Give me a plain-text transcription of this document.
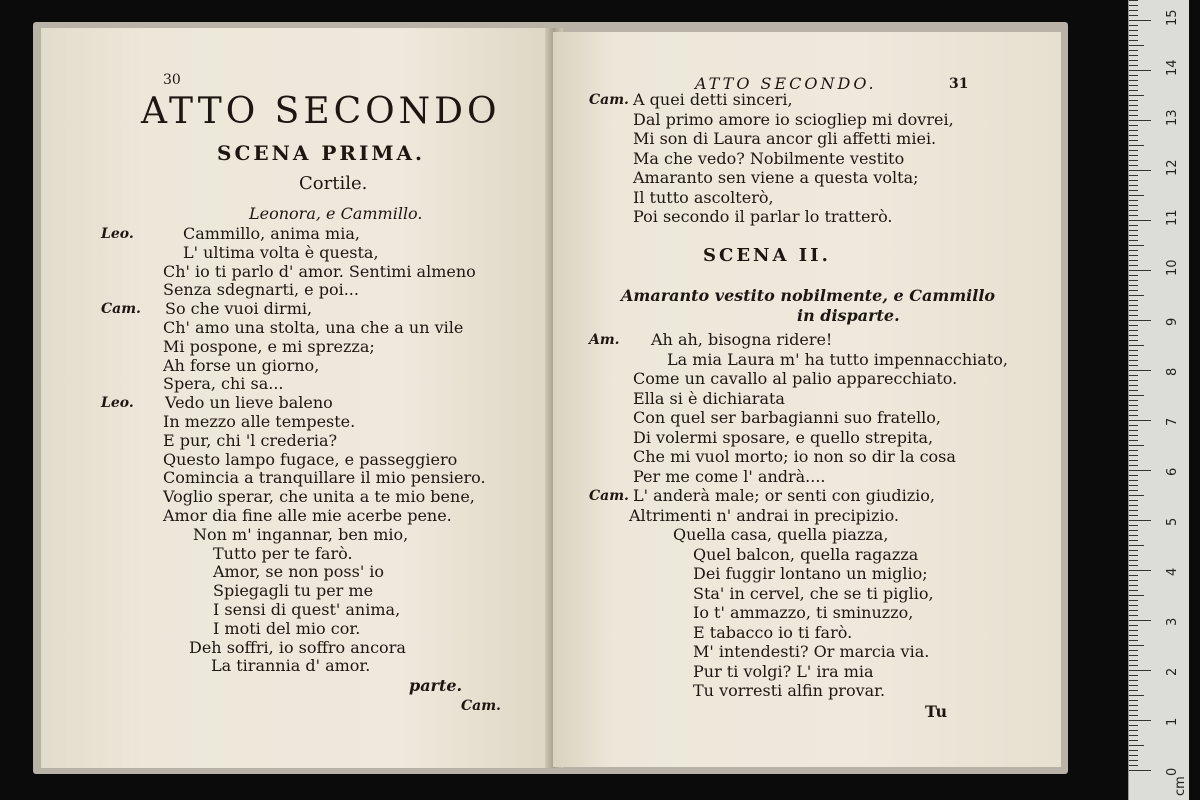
30
ATTO SECONDO
SCENA PRIMA.
Cortile.
Leonora, e Cammillo.
Leo.	Cammillo, anima mia,
L' ultima volta è questa,
Ch' io ti parlo d' amor. Sentimi almeno
Senza sdegnarti, e poi...
Cam. So che vuoi dirmi,
Ch' amo una stolta, una che a un vile
Mi pospone, e mi sprezza;
Ah forse un giorno,
Spera, chi sa...
Leo. Vedo un lieve baleno
In mezzo alle tempeste.
E pur, chi 'l crederia?
Questo lampo fugace, e passeggiero
Comincia a tranquillare il mio pensiero.
Voglio sperar, che unita a te mio bene,
Amor dia fine alle mie acerbe pene.
Non m' ingannar, ben mio,
Tutto per te farò.
Amor, se non poss' io
Spiegagli tu per me
I sensi di quest' anima,
I moti del mio cor.
Deh soffri, io soffro ancora
La tirannia d' amor.
parte.
Cam.
ATTO SECONDO.	31
Cam. A quei detti sinceri,
Dal primo amore io sciogliер mi dovrei,
Mi son di Laura ancor gli affetti miei.
Ma che vedo? Nobilmente vestito
Amaranto sen viene a questa volta;
Il tutto ascolterò,
Poi secondo il parlar lo tratterò.
SCENA II.
Amaranto vestito nobilmente, e Cammillo
in disparte.
Am. Ah ah, bisogna ridere!
La mia Laura m' ha tutto impennacchiato,
Come un cavallo al palio apparecchiato.
Ella si è dichiarata
Con quel ser barbagianni suo fratello,
Di volermi sposare, e quello strepita,
Che mi vuol morto; io non so dir la cosa
Per me come l' andrà....
Cam. L' anderà male; or senti con giudizio,
Altrimenti n' andrai in precipizio.
Quella casa, quella piazza,
Quel balcon, quella ragazza
Dei fuggir lontano un miglio;
Sta' in cervel, che se ti piglio,
Io t' ammazzo, ti sminuzzo,
E tabacco io ti farò.
M' intendesti? Or marcia via.
Pur ti volgi? L' ira mia
Tu vorresti alfin provar.
Tu
0
1
2
3
4
5
6
7
8
9
10
11
12
13
14
15
cm
